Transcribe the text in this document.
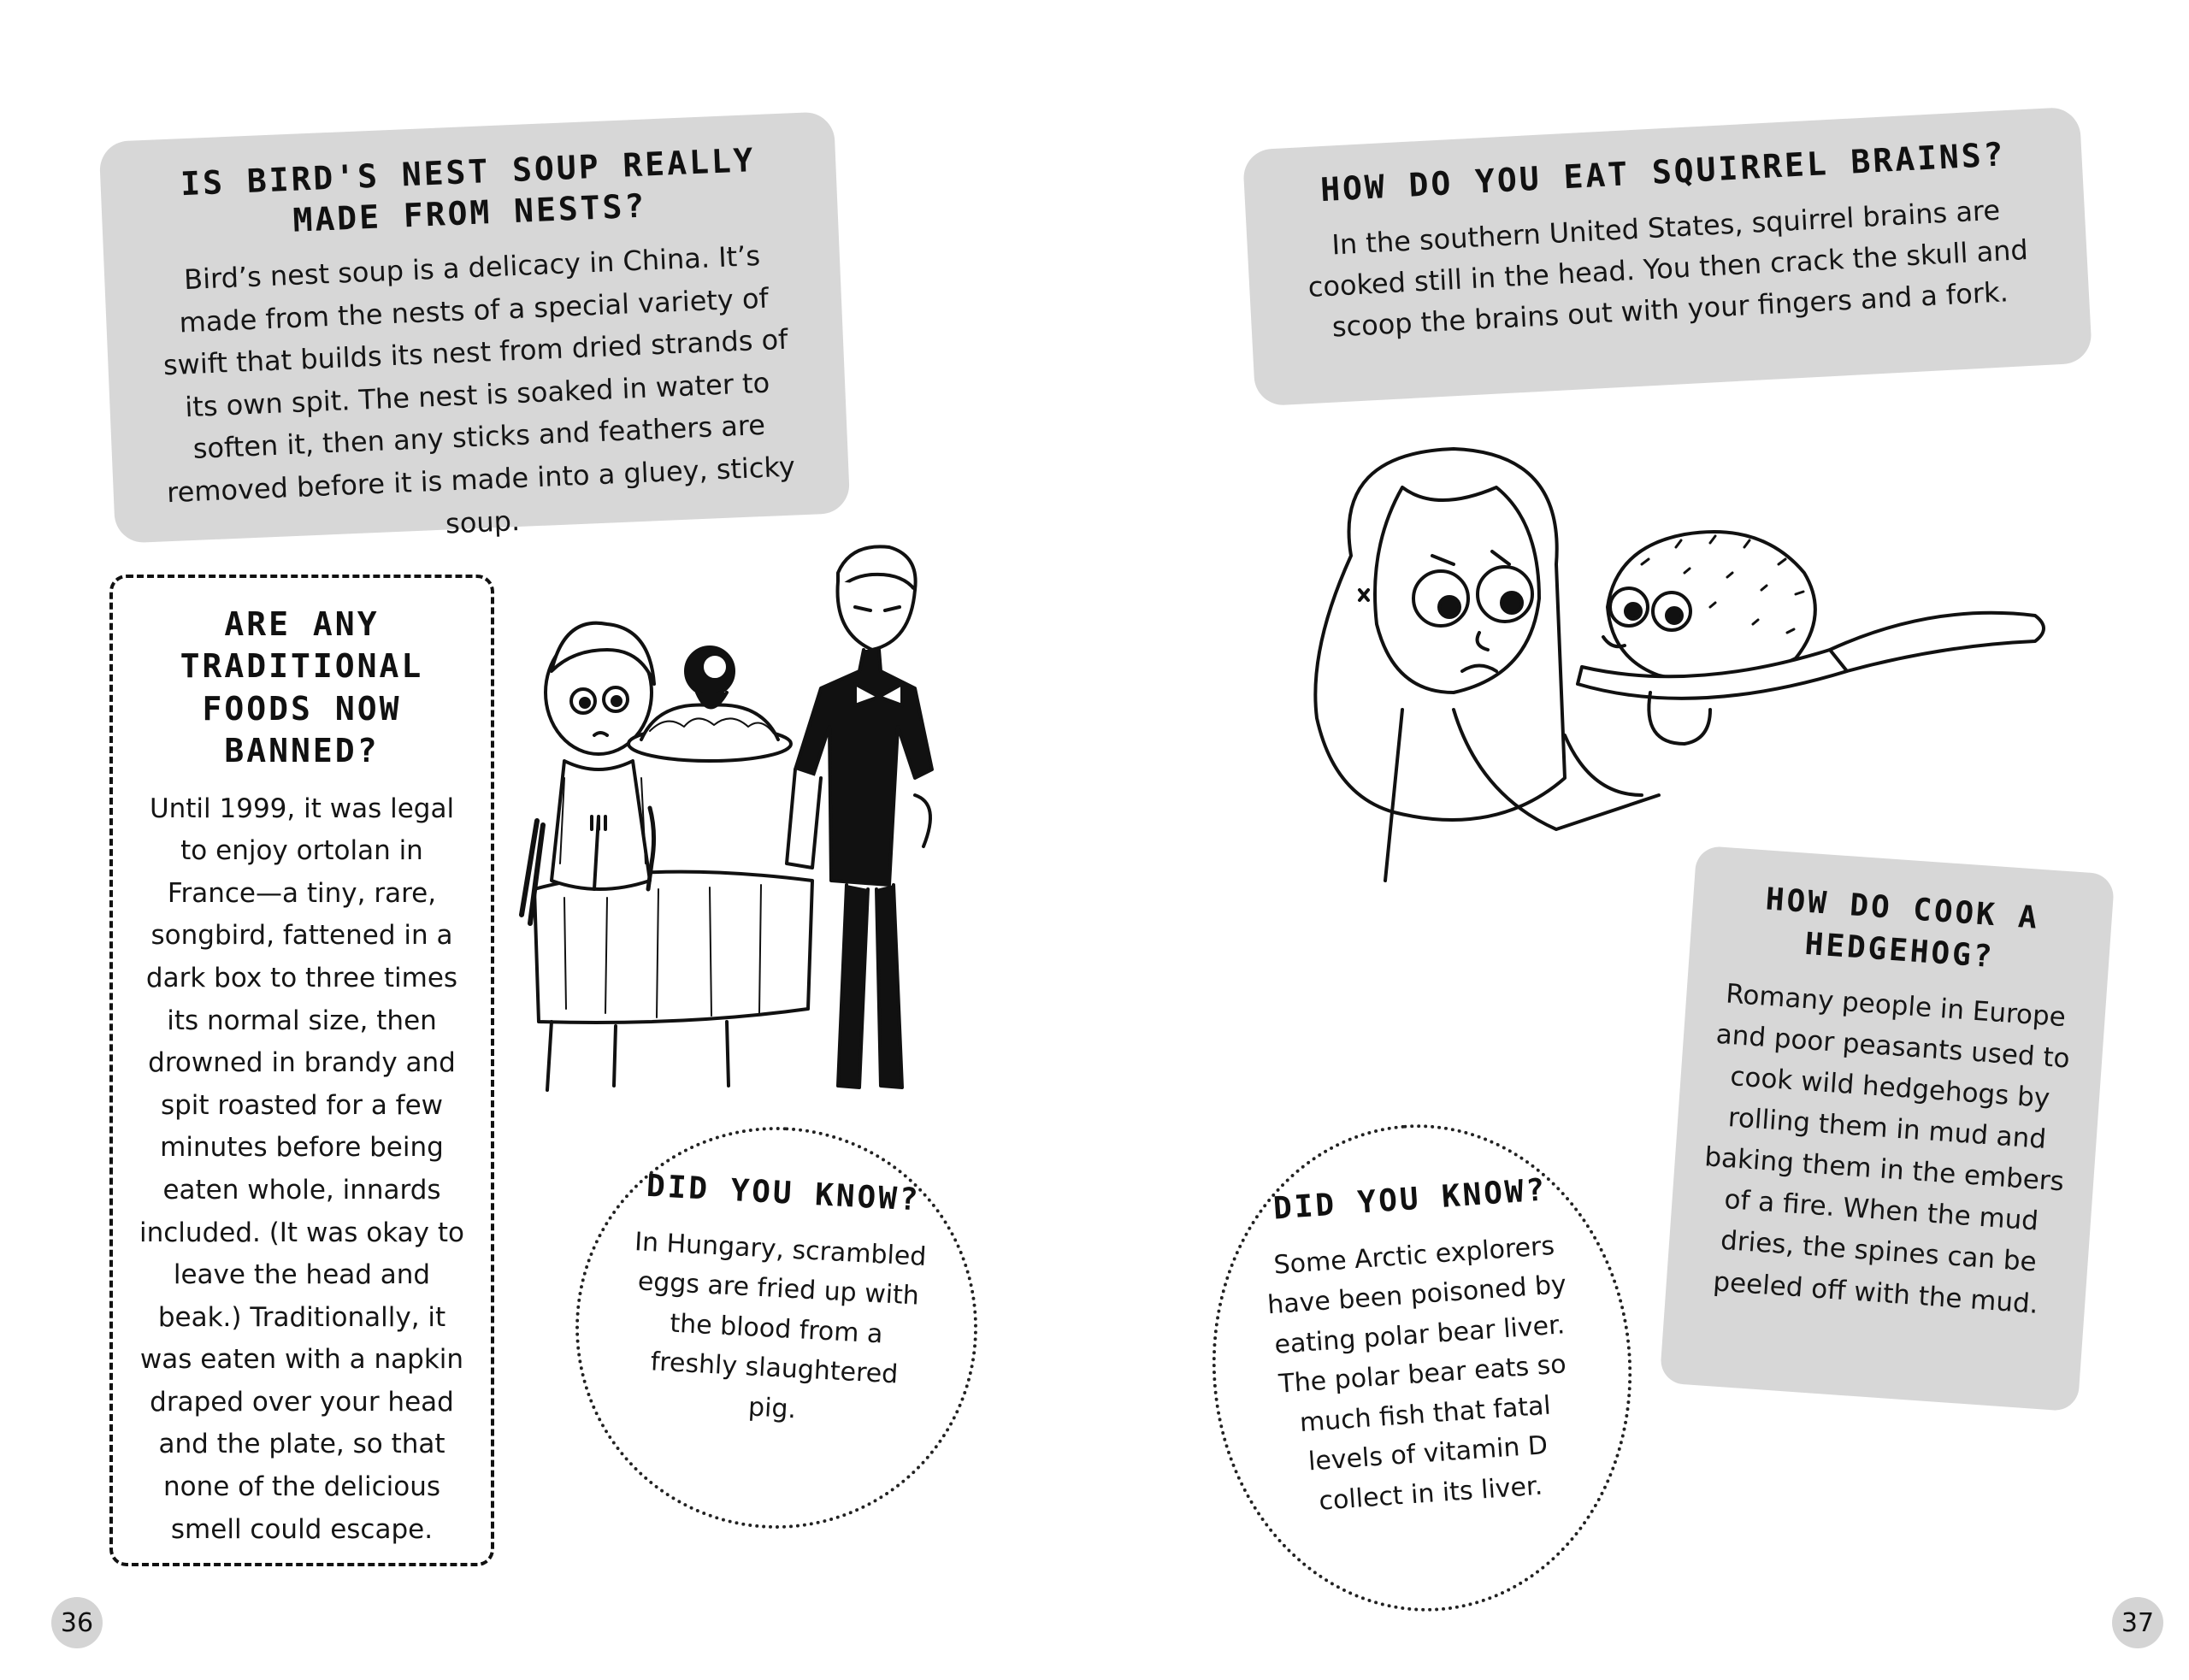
IS BIRD'S NEST SOUP REALLY MADE FROM NESTS?
Bird’s nest soup is a delicacy in China. It’s made from the nests of a special variety of swift that builds its nest from dried strands of its own spit. The nest is soaked in water to soften it, then any sticks and feathers are removed before it is made into a gluey, sticky soup.
ARE ANY TRADITIONAL FOODS NOW BANNED?
Until 1999, it was legal to enjoy ortolan in France—a tiny, rare, songbird, fattened in a dark box to three times its normal size, then drowned in brandy and spit roasted for a few minutes before being eaten whole, innards included. (It was okay to leave the head and beak.) Traditionally, it was eaten with a napkin draped over your head and the plate, so that none of the delicious smell could escape.
DID YOU KNOW?
In Hungary, scrambled eggs are fried up with the blood from a freshly slaughtered pig.
36
HOW DO YOU EAT SQUIRREL BRAINS?
In the southern United States, squirrel brains are cooked still in the head. You then crack the skull and scoop the brains out with your fingers and a fork.
HOW DO COOK A HEDGEHOG?
Romany people in Europe and poor peasants used to cook wild hedgehogs by rolling them in mud and baking them in the embers of a fire. When the mud dries, the spines can be peeled off with the mud.
DID YOU KNOW?
Some Arctic explorers have been poisoned by eating polar bear liver. The polar bear eats so much fish that fatal levels of vitamin D collect in its liver.
37
